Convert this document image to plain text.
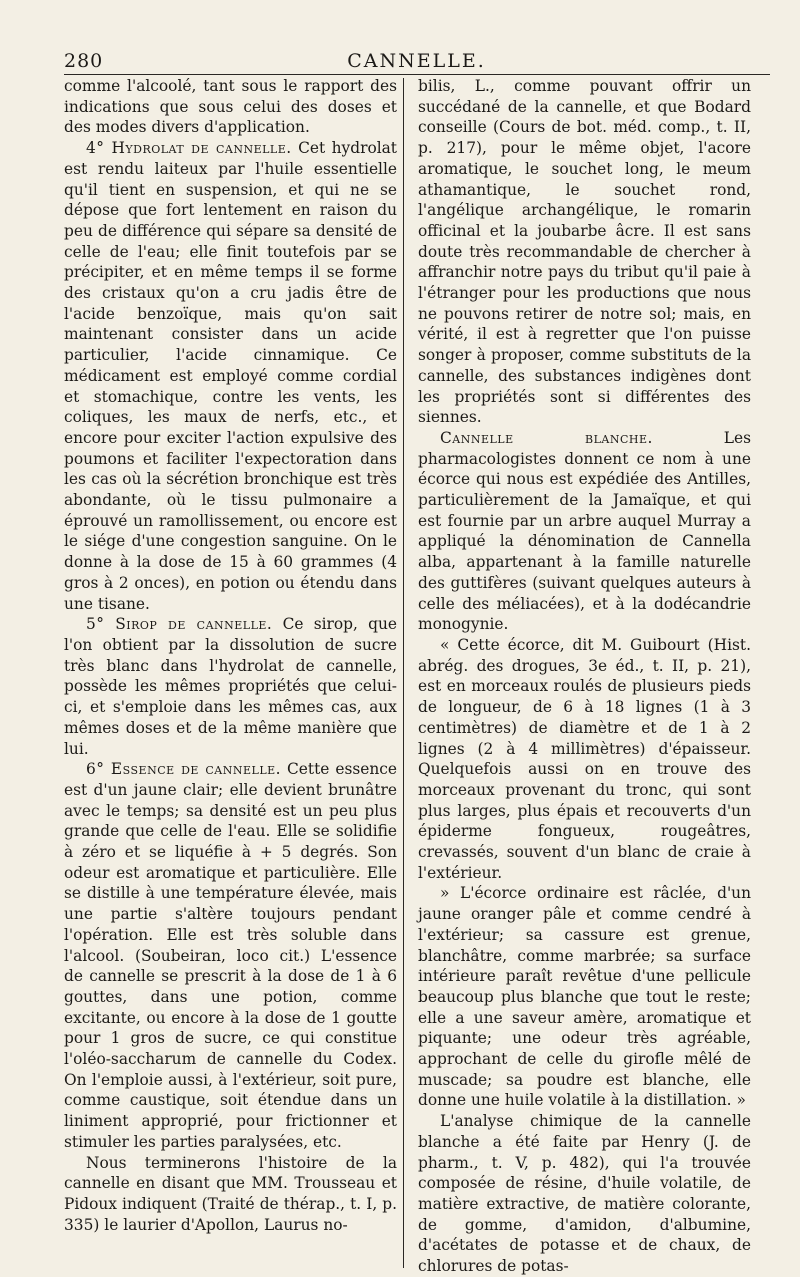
280	CANNELLE.

comme l'alcoolé, tant sous le rapport des indications que sous celui des doses et des modes divers d'application.

4° Hydrolat de cannelle. Cet hydrolat est rendu laiteux par l'huile essentielle qu'il tient en suspension, et qui ne se dépose que fort lentement en raison du peu de différence qui sépare sa densité de celle de l'eau; elle finit toutefois par se précipiter, et en même temps il se forme des cristaux qu'on a cru jadis être de l'acide benzoïque, mais qu'on sait maintenant consister dans un acide particulier, l'acide cinnamique. Ce médicament est employé comme cordial et stomachique, contre les vents, les coliques, les maux de nerfs, etc., et encore pour exciter l'action expulsive des poumons et faciliter l'expectoration dans les cas où la sécrétion bronchique est très abondante, où le tissu pulmonaire a éprouvé un ramollissement, ou encore est le siége d'une congestion sanguine. On le donne à la dose de 15 à 60 grammes (4 gros à 2 onces), en potion ou étendu dans une tisane.

5° Sirop de cannelle. Ce sirop, que l'on obtient par la dissolution de sucre très blanc dans l'hydrolat de cannelle, possède les mêmes propriétés que celui-ci, et s'emploie dans les mêmes cas, aux mêmes doses et de la même manière que lui.

6° Essence de cannelle. Cette essence est d'un jaune clair; elle devient brunâtre avec le temps; sa densité est un peu plus grande que celle de l'eau. Elle se solidifie à zéro et se liquéfie à + 5 degrés. Son odeur est aromatique et particulière. Elle se distille à une température élevée, mais une partie s'altère toujours pendant l'opération. Elle est très soluble dans l'alcool. (Soubeiran, loco cit.) L'essence de cannelle se prescrit à la dose de 1 à 6 gouttes, dans une potion, comme excitante, ou encore à la dose de 1 goutte pour 1 gros de sucre, ce qui constitue l'oléo-saccharum de cannelle du Codex. On l'emploie aussi, à l'extérieur, soit pure, comme caustique, soit étendue dans un liniment approprié, pour frictionner et stimuler les parties paralysées, etc.

Nous terminerons l'histoire de la cannelle en disant que MM. Trousseau et Pidoux indiquent (Traité de thérap., t. I, p. 335) le laurier d'Apollon, Laurus no-

bilis, L., comme pouvant offrir un succédané de la cannelle, et que Bodard conseille (Cours de bot. méd. comp., t. II, p. 217), pour le même objet, l'acore aromatique, le souchet long, le meum athamantique, le souchet rond, l'angélique archangélique, le romarin officinal et la joubarbe âcre. Il est sans doute très recommandable de chercher à affranchir notre pays du tribut qu'il paie à l'étranger pour les productions que nous ne pouvons retirer de notre sol; mais, en vérité, il est à regretter que l'on puisse songer à proposer, comme substituts de la cannelle, des substances indigènes dont les propriétés sont si différentes des siennes.

Cannelle blanche. Les pharmacologistes donnent ce nom à une écorce qui nous est expédiée des Antilles, particulièrement de la Jamaïque, et qui est fournie par un arbre auquel Murray a appliqué la dénomination de Cannella alba, appartenant à la famille naturelle des guttifères (suivant quelques auteurs à celle des méliacées), et à la dodécandrie monogynie.

« Cette écorce, dit M. Guibourt (Hist. abrég. des drogues, 3e éd., t. II, p. 21), est en morceaux roulés de plusieurs pieds de longueur, de 6 à 18 lignes (1 à 3 centimètres) de diamètre et de 1 à 2 lignes (2 à 4 millimètres) d'épaisseur. Quelquefois aussi on en trouve des morceaux provenant du tronc, qui sont plus larges, plus épais et recouverts d'un épiderme fongueux, rougeâtres, crevassés, souvent d'un blanc de craie à l'extérieur.

» L'écorce ordinaire est râclée, d'un jaune oranger pâle et comme cendré à l'extérieur; sa cassure est grenue, blanchâtre, comme marbrée; sa surface intérieure paraît revêtue d'une pellicule beaucoup plus blanche que tout le reste; elle a une saveur amère, aromatique et piquante; une odeur très agréable, approchant de celle du girofle mêlé de muscade; sa poudre est blanche, elle donne une huile volatile à la distillation. »

L'analyse chimique de la cannelle blanche a été faite par Henry (J. de pharm., t. V, p. 482), qui l'a trouvée composée de résine, d'huile volatile, de matière extractive, de matière colorante, de gomme, d'amidon, d'albumine, d'acétates de potasse et de chaux, de chlorures de potas-
